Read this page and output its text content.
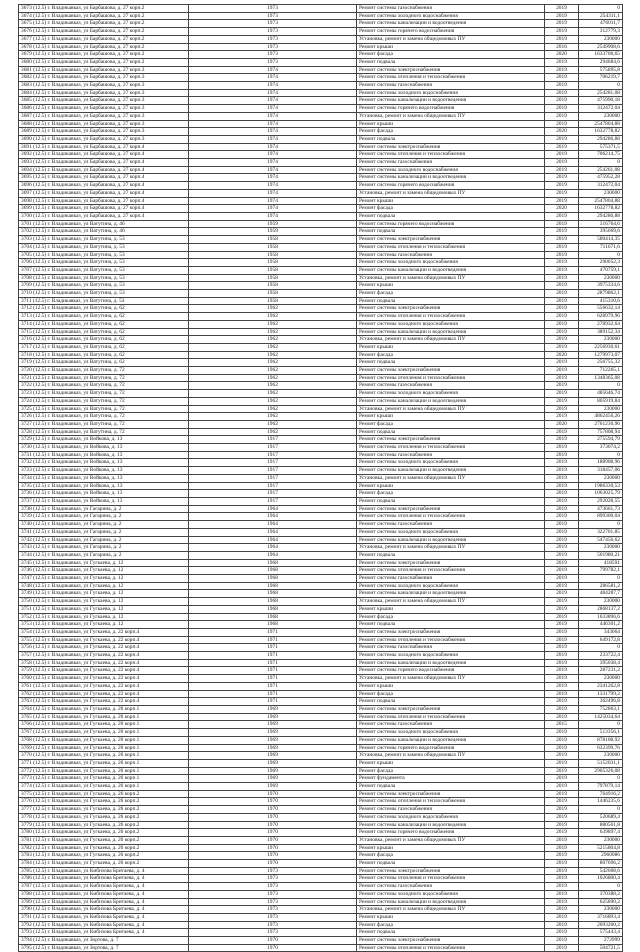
3673 (12.5) г. Владикавказ, ул Барбашова, д. 27 корп.2	1973	Ремонт системы газоснабжения	2019	0
3674 (12.5) г. Владикавказ, ул Барбашова, д. 27 корп.2	1973	Ремонт системы холодного водоснабжения	2019	254311,1
3675 (12.5) г. Владикавказ, ул Барбашова, д. 27 корп.2	1973	Ремонт системы канализации и водоотведения	2019	476011,7
3676 (12.5) г. Владикавказ, ул Барбашова, д. 27 корп.2	1973	Ремонт системы горячего водоснабжения	2019	312779,3
3677 (12.5) г. Владикавказ, ул Барбашова, д. 27 корп.2	1973	Установка, ремонт и замена общедомовых ПУ	2019	230000
3678 (12.5) г. Владикавказ, ул Барбашова, д. 27 корп.2	1973	Ремонт крыши	2016	2549908,6
3679 (12.5) г. Владикавказ, ул Барбашова, д. 27 корп.2	1973	Ремонт фасада	2020	1633700,65
3680 (12.5) г. Владикавказ, ул Барбашова, д. 27 корп.2	1973	Ремонт подвала	2019	294684,6
3681 (12.5) г. Владикавказ, ул Барбашова, д. 27 корп.3	1974	Ремонт системы электроснабжения	2019	575895,8
3682 (12.5) г. Владикавказ, ул Барбашова, д. 27 корп.3	1974	Ремонт системы отопления и теплоснабжения	2019	706219,7
3683 (12.5) г. Владикавказ, ул Барбашова, д. 27 корп.3	1974	Ремонт системы газоснабжения	2019	0
3684 (12.5) г. Владикавказ, ул Барбашова, д. 27 корп.3	1974	Ремонт системы холодного водоснабжения	2019	254281,08
3685 (12.5) г. Владикавказ, ул Барбашова, д. 27 корп.3	1974	Ремонт системы канализации и водоотведения	2019	475990,18
3686 (12.5) г. Владикавказ, ул Барбашова, д. 27 корп.3	1974	Ремонт системы горячего водоснабжения	2019	312472,04
3687 (12.5) г. Владикавказ, ул Барбашова, д. 27 корп.3	1974	Установка, ремонт и замена общедомовых ПУ	2019	230000
3688 (12.5) г. Владикавказ, ул Барбашова, д. 27 корп.3	1974	Ремонт крыши	2019	2547804,88
3689 (12.5) г. Владикавказ, ул Барбашова, д. 27 корп.3	1974	Ремонт фасада	2020	1632778,82
3690 (12.5) г. Владикавказ, ул Барбашова, д. 27 корп.3	1974	Ремонт подвала	2019	294286,88
3691 (12.5) г. Владикавказ, ул Барбашова, д. 27 корп.4	1974	Ремонт системы электроснабжения	2019	575371,5
3692 (12.5) г. Владикавказ, ул Барбашова, д. 27 корп.4	1974	Ремонт системы отопления и теплоснабжения	2019	706214,75
3693 (12.5) г. Владикавказ, ул Барбашова, д. 27 корп.4	1974	Ремонт системы газоснабжения	2019	0
3694 (12.5) г. Владикавказ, ул Барбашова, д. 27 корп.4	1974	Ремонт системы холодного водоснабжения	2019	254261,08
3695 (12.5) г. Владикавказ, ул Барбашова, д. 27 корп.4	1974	Ремонт системы канализации и водоотведения	2019	475952,28
3696 (12.5) г. Владикавказ, ул Барбашова, д. 27 корп.4	1974	Ремонт системы горячего водоснабжения	2019	312472,04
3697 (12.5) г. Владикавказ, ул Барбашова, д. 27 корп.4	1974	Установка, ремонт и замена общедомовых ПУ	2019	230000
3698 (12.5) г. Владикавказ, ул Барбашова, д. 27 корп.4	1974	Ремонт крыши	2019	2547804,88
3699 (12.5) г. Владикавказ, ул Барбашова, д. 27 корп.4	1974	Ремонт фасада	2020	1632778,82
3700 (12.5) г. Владикавказ, ул Барбашова, д. 27 корп.4	1974	Ремонт подвала	2019	294286,88
3701 (12.5) г. Владикавказ, ул Ватутина, д. 46	1959	Ремонт системы горячего водоснабжения	2019	316764,6
3702 (12.5) г. Владикавказ, ул Ватутина, д. 46	1959	Ремонт подвала	2019	395669,6
3703 (12.5) г. Владикавказ, ул Ватутина, д. 53	1958	Ремонт системы электроснабжения	2019	580414,35
3704 (12.5) г. Владикавказ, ул Ватутина, д. 53	1958	Ремонт системы отопления и теплоснабжения	2019	711671,6
3705 (12.5) г. Владикавказ, ул Ватутина, д. 53	1958	Ремонт системы газоснабжения	2019	0
3706 (12.5) г. Владикавказ, ул Ватутина, д. 53	1958	Ремонт системы холодного водоснабжения	2019	290652,3
3707 (12.5) г. Владикавказ, ул Ватутина, д. 53	1958	Ремонт системы канализации и водоотведения	2019	470759,1
3708 (12.5) г. Владикавказ, ул Ватутина, д. 53	1958	Установка, ремонт и замена общедомовых ПУ	2019	230000
3709 (12.5) г. Владикавказ, ул Ватутина, д. 53	1958	Ремонт крыши	2019	3975334,6
3710 (12.5) г. Владикавказ, ул Ватутина, д. 53	1958	Ремонт фасада	2019	2879862,1
3711 (12.5) г. Владикавказ, ул Ватутина, д. 53	1958	Ремонт подвала	2019	415310,6
3712 (12.5) г. Владикавказ, ул Ватутина, д. 62	1962	Ремонт системы электроснабжения	2019	556632,14
3713 (12.5) г. Владикавказ, ул Ватутина, д. 62	1962	Ремонт системы отопления и теплоснабжения	2019	628979,96
3714 (12.5) г. Владикавказ, ул Ватутина, д. 62	1962	Ремонт системы холодного водоснабжения	2019	278932,64
3715 (12.5) г. Владикавказ, ул Ватутина, д. 62	1962	Ремонт системы канализации и водоотведения	2019	389152,34
3716 (12.5) г. Владикавказ, ул Ватутина, д. 62	1962	Установка, ремонт и замена общедомовых ПУ	2019	230000
3717 (12.5) г. Владикавказ, ул Ватутина, д. 62	1962	Ремонт крыши	2019	2256930,61
3718 (12.5) г. Владикавказ, ул Ватутина, д. 62	1962	Ремонт фасада	2020	1279973,07
3719 (12.5) г. Владикавказ, ул Ватутина, д. 62	1962	Ремонт подвала	2019	256755,32
3720 (12.5) г. Владикавказ, ул Ватутина, д. 72	1962	Ремонт системы электроснабжения	2019	712265,1
3721 (12.5) г. Владикавказ, ул Ватутина, д. 72	1962	Ремонт системы отопления и теплоснабжения	2019	1348365,08
3722 (12.5) г. Владикавказ, ул Ватутина, д. 72	1962	Ремонт системы газоснабжения	2019	0
3723 (12.5) г. Владикавказ, ул Ватутина, д. 72	1962	Ремонт системы холодного водоснабжения	2019	485646,74
3724 (12.5) г. Владикавказ, ул Ватутина, д. 72	1962	Ремонт системы канализации и водоотведения	2019	805919,84
3725 (12.5) г. Владикавказ, ул Ватутина, д. 72	1962	Установка, ремонт и замена общедомовых ПУ	2019	230000
3726 (12.5) г. Владикавказ, ул Ватутина, д. 72	1962	Ремонт крыши	2019	4862456,26
3727 (12.5) г. Владикавказ, ул Ватутина, д. 72	1962	Ремонт фасада	2020	2761230,96
3728 (12.5) г. Владикавказ, ул Ватутина, д. 72	1962	Ремонт подвала	2019	757808,94
3729 (12.5) г. Владикавказ, ул Войкова, д. 13	1917	Ремонт системы электроснабжения	2019	275594,79
3730 (12.5) г. Владикавказ, ул Войкова, д. 13	1917	Ремонт системы отопления и теплоснабжения	2019	373074,2
3731 (12.5) г. Владикавказ, ул Войкова, д. 13	1917	Ремонт системы газоснабжения	2019	0
3732 (12.5) г. Владикавказ, ул Войкова, д. 13	1917	Ремонт системы холодного водоснабжения	2019	188908,96
3733 (12.5) г. Владикавказ, ул Войкова, д. 13	1917	Ремонт системы канализации и водоотведения	2019	318457,06
3734 (12.5) г. Владикавказ, ул Войкова, д. 13	1917	Установка, ремонт и замена общедомовых ПУ	2019	230000
3735 (12.5) г. Владикавказ, ул Войкова, д. 13	1917	Ремонт крыши	2019	1986330,53
3736 (12.5) г. Владикавказ, ул Войкова, д. 13	1917	Ремонт фасада	2019	1063025,79
3737 (12.5) г. Владикавказ, ул Войкова, д. 13	1917	Ремонт подвала	2019	292028,55
3738 (12.5) г. Владикавказ, ул Гагарина, д. 2	1964	Ремонт системы электроснабжения	2019	473661,73
3739 (12.5) г. Владикавказ, ул Гагарина, д. 2	1964	Ремонт системы отопления и теплоснабжения	2019	899300,04
3740 (12.5) г. Владикавказ, ул Гагарина, д. 2	1964	Ремонт системы газоснабжения	2019	0
3741 (12.5) г. Владикавказ, ул Гагарина, д. 2	1964	Ремонт системы холодного водоснабжения	2019	322701,85
3742 (12.5) г. Владикавказ, ул Гагарина, д. 2	1964	Ремонт системы канализации и водоотведения	2019	547456,62
3743 (12.5) г. Владикавказ, ул Гагарина, д. 2	1964	Установка, ремонт и замена общедомовых ПУ	2019	230000
3744 (12.5) г. Владикавказ, ул Гагарина, д. 2	1964	Ремонт подвала	2019	501980,21
3745 (12.5) г. Владикавказ, ул Гугкаева, д. 12	1968	Ремонт системы электроснабжения	2019	418591
3746 (12.5) г. Владикавказ, ул Гугкаева, д. 12	1968	Ремонт системы отопления и теплоснабжения	2019	799782,1
3747 (12.5) г. Владикавказ, ул Гугкаева, д. 12	1968	Ремонт системы газоснабжения	2019	0
3748 (12.5) г. Владикавказ, ул Гугкаева, д. 12	1968	Ремонт системы холодного водоснабжения	2019	286581,2
3749 (12.5) г. Владикавказ, ул Гугкаева, д. 12	1968	Ремонт системы канализации и водоотведения	2019	484287,7
3750 (12.5) г. Владикавказ, ул Гугкаева, д. 12	1968	Установка, ремонт и замена общедомовых ПУ	2019	230000
3751 (12.5) г. Владикавказ, ул Гугкаева, д. 12	1968	Ремонт крыши	2019	2868137,2
3752 (12.5) г. Владикавказ, ул Гугкаева, д. 12	1968	Ремонт фасада	2019	1633896,6
3753 (12.5) г. Владикавказ, ул Гугкаева, д. 12	1968	Ремонт подвала	2019	446301,2
3754 (12.5) г. Владикавказ, ул Гугкаева, д. 22 корп.4	1971	Ремонт системы электроснабжения	2019	343064
3755 (12.5) г. Владикавказ, ул Гугкаева, д. 22 корп.4	1971	Ремонт системы отопления и теплоснабжения	2019	649172,8
3756 (12.5) г. Владикавказ, ул Гугкаева, д. 22 корп.4	1971	Ремонт системы газоснабжения	2019	0
3757 (12.5) г. Владикавказ, ул Гугкаева, д. 22 корп.4	1971	Ремонт системы холодного водоснабжения	2019	233722,4
3758 (12.5) г. Владикавказ, ул Гугкаева, д. 22 корп.4	1971	Ремонт системы канализации и водоотведения	2019	395038,4
3759 (12.5) г. Владикавказ, ул Гугкаева, д. 22 корп.4	1971	Ремонт системы горячего водоснабжения	2019	287231,2
3760 (12.5) г. Владикавказ, ул Гугкаева, д. 22 корп.4	1971	Установка, ремонт и замена общедомовых ПУ	2019	230000
3761 (12.5) г. Владикавказ, ул Гугкаева, д. 22 корп.4	1971	Ремонт крыши	2019	2341262,8
3762 (12.5) г. Владикавказ, ул Гугкаева, д. 22 корп.4	1971	Ремонт фасада	2019	1331799,2
3763 (12.5) г. Владикавказ, ул Гугкаева, д. 22 корп.4	1971	Ремонт подвала	2019	362496,8
3764 (12.5) г. Владикавказ, ул Гугкаева, д. 26 корп.1	1969	Ремонт системы электроснабжения	2019	752863,1
3765 (12.5) г. Владикавказ, ул Гугкаева, д. 26 корп.1	1969	Ремонт системы отопления и теплоснабжения	2019	1425034,64
3766 (12.5) г. Владикавказ, ул Гугкаева, д. 26 корп.1	1969	Ремонт системы газоснабжения	2015	0
3767 (12.5) г. Владикавказ, ул Гугкаева, д. 26 корп.1	1969	Ремонт системы холодного водоснабжения	2019	513356,1
3768 (12.5) г. Владикавказ, ул Гугкаева, д. 26 корп.1	1969	Ремонт системы канализации и водоотведения	2019	878108,92
3769 (12.5) г. Владикавказ, ул Гугкаева, д. 26 корп.1	1969	Ремонт системы горячего водоснабжения	2019	632399,76
3770 (12.5) г. Владикавказ, ул Гугкаева, д. 26 корп.1	1969	Установка, ремонт и замена общедомовых ПУ	2019	230000
3771 (12.5) г. Владикавказ, ул Гугкаева, д. 26 корп.1	1969	Ремонт крыши	2019	5152031,1
3772 (12.5) г. Владикавказ, ул Гугкаева, д. 26 корп.1	1969	Ремонт фасада	2019	2905326,08
3773 (12.5) г. Владикавказ, ул Гугкаева, д. 26 корп.1	1969	Ремонт фундамента	2019	0
3774 (12.5) г. Владикавказ, ул Гугкаева, д. 26 корп.1	1969	Ремонт подвала	2019	797879,14
3775 (12.5) г. Владикавказ, ул Гугкаева, д. 26 корп.2	1970	Ремонт системы электроснабжения	2019	764916,2
3776 (12.5) г. Владикавказ, ул Гугкаева, д. 26 корп.2	1970	Ремонт системы отопления и теплоснабжения	2019	1446235,6
3777 (12.5) г. Владикавказ, ул Гугкаева, д. 26 корп.2	1970	Ремонт системы газоснабжения	2019	0
3778 (12.5) г. Владикавказ, ул Гугкаева, д. 26 корп.2	1970	Ремонт системы холодного водоснабжения	2019	520689,4
3779 (12.5) г. Владикавказ, ул Гугкаева, д. 26 корп.2	1970	Ремонт системы канализации и водоотведения	2019	880561,8
3780 (12.5) г. Владикавказ, ул Гугкаева, д. 26 корп.2	1970	Ремонт системы горячего водоснабжения	2019	639897,4
3781 (12.5) г. Владикавказ, ул Гугкаева, д. 26 корп.2	1970	Установка, ремонт и замена общедомовых ПУ	2019	230000
3782 (12.5) г. Владикавказ, ул Гугкаева, д. 26 корп.2	1970	Ремонт крыши	2019	5215804,8
3783 (12.5) г. Владикавказ, ул Гугкаева, д. 26 корп.2	1970	Ремонт фасада	2019	2960086
3784 (12.5) г. Владикавказ, ул Гугкаева, д. 26 корп.2	1970	Ремонт подвала	2019	807696,2
3785 (12.5) г. Владикавказ, ул Кибизова Бритаева, д. 4	1973	Ремонт системы электроснабжения	2019	542608,6
3786 (12.5) г. Владикавказ, ул Кибизова Бритаева, д. 4	1973	Ремонт системы отопления и теплоснабжения	2019	1026800,4
3787 (12.5) г. Владикавказ, ул Кибизова Бритаева, д. 4	1973	Ремонт системы газоснабжения	2019	0
3788 (12.5) г. Владикавказ, ул Кибизова Бритаева, д. 4	1973	Ремонт системы холодного водоснабжения	2019	370388,2
3789 (12.5) г. Владикавказ, ул Кибизова Бритаева, д. 4	1973	Ремонт системы канализации и водоотведения	2019	625890,2
3790 (12.5) г. Владикавказ, ул Кибизова Бритаева, д. 4	1973	Установка, ремонт и замена общедомовых ПУ	2019	230000
3791 (12.5) г. Владикавказ, ул Кибизова Бритаева, д. 4	1973	Ремонт крыши	2019	3716893,4
3792 (12.5) г. Владикавказ, ул Кибизова Бритаева, д. 4	1973	Ремонт фасада	2019	2093260,2
3793 (12.5) г. Владикавказ, ул Кибизова Бритаева, д. 4	1973	Ремонт подвала	2019	575443,4
3794 (12.5) г. Владикавказ, ул Зортова, д. 7	1970	Ремонт системы электроснабжения	2019	273999
3795 (12.5) г. Владикавказ, ул Зортова, д. 7	1970	Ремонт системы отопления и теплоснабжения	2019	504721,5
